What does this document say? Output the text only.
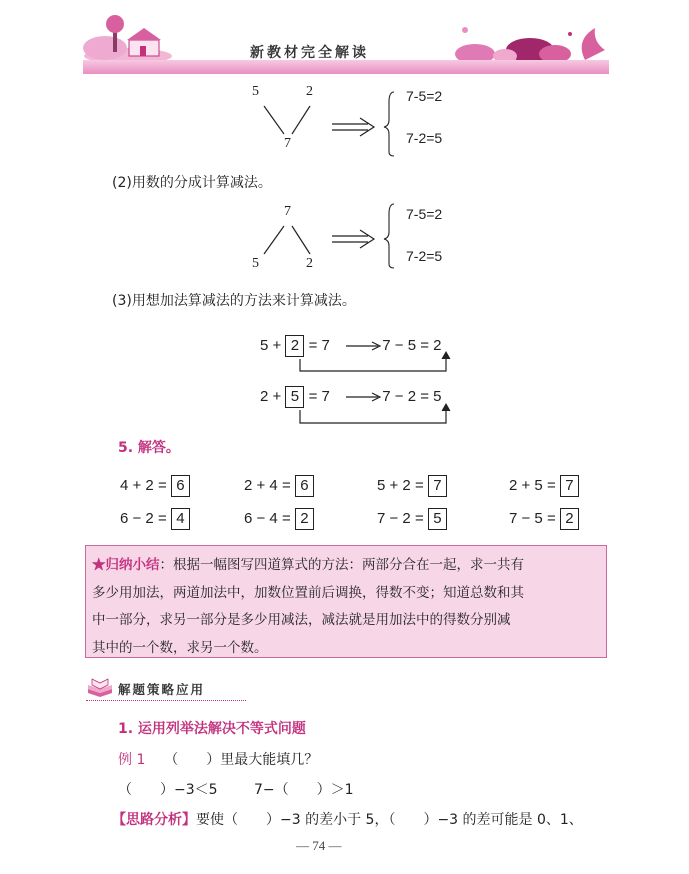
新教材完全解读
5	2
7
7-5=2
7-2=5
(2)用数的分成计算减法。
7
5	2
7-5=2
7-2=5
(3)用想加法算减法的方法来计算减法。
5 + 2 = 7	7 − 5 = 2
2 + 5 = 7	7 − 2 = 5
5. 解答。
4 + 2 = 6	2 + 4 = 6	5 + 2 = 7	2 + 5 = 7
6 − 2 = 4	6 − 4 = 2	7 − 2 = 5	7 − 5 = 2
★归纳小结：根据一幅图写四道算式的方法：两部分合在一起，求一共有
多少用加法，两道加法中，加数位置前后调换，得数不变；知道总数和其
中一部分，求另一部分是多少用减法，减法就是用加法中的得数分别减
其中的一个数，求另一个数。
解题策略应用
1. 运用列举法解决不等式问题
例 1 （　　）里最大能填几？
（　　）−3＜5	7−（　　）＞1
【思路分析】要使（　　）−3 的差小于 5，（　　）−3 的差可能是 0、1、
— 74 —
